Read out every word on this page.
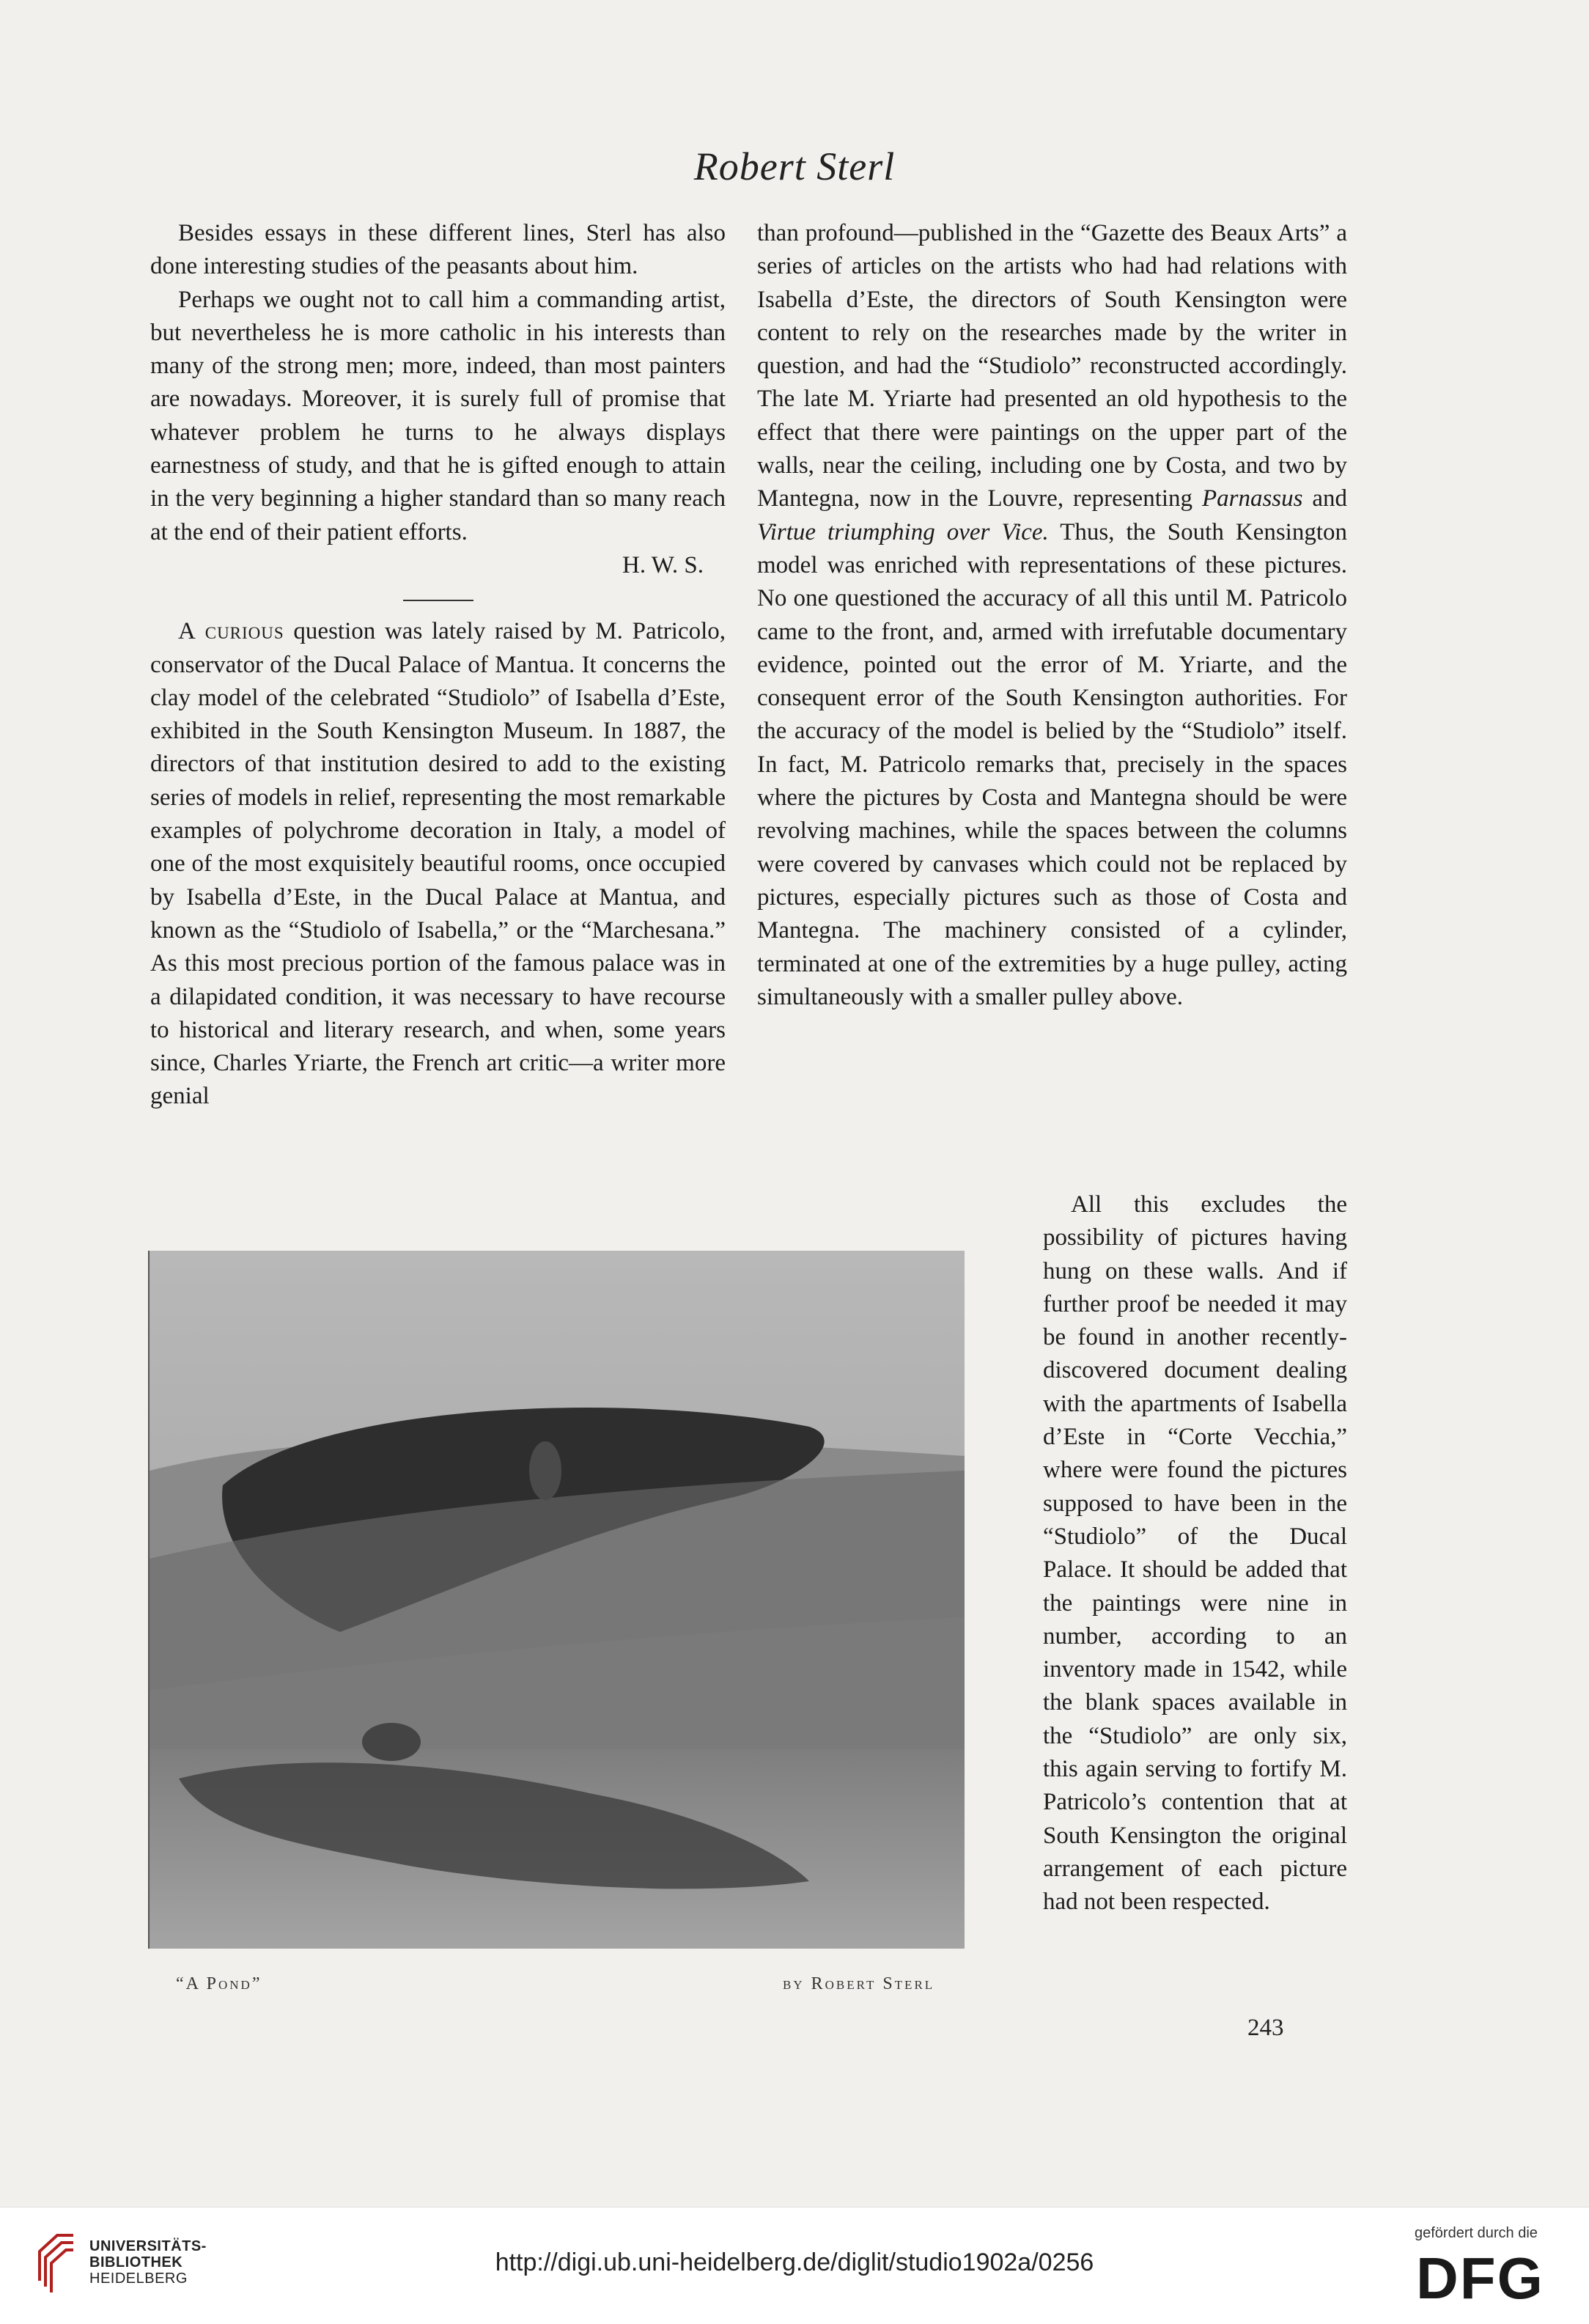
Robert Sterl

Besides essays in these different lines, Sterl has also done interesting studies of the peasants about him.

Perhaps we ought not to call him a commanding artist, but nevertheless he is more catholic in his interests than many of the strong men; more, indeed, than most painters are nowadays. Moreover, it is surely full of promise that whatever problem he turns to he always displays earnestness of study, and that he is gifted enough to attain in the very beginning a higher standard than so many reach at the end of their patient efforts.

H. W. S.

A curious question was lately raised by M. Patricolo, conservator of the Ducal Palace of Mantua. It concerns the clay model of the celebrated “Studiolo” of Isabella d’Este, exhibited in the South Kensington Museum. In 1887, the directors of that institution desired to add to the existing series of models in relief, representing the most remarkable examples of polychrome decoration in Italy, a model of one of the most exquisitely beautiful rooms, once occupied by Isabella d’Este, in the Ducal Palace at Mantua, and known as the “Studiolo of Isabella,” or the “Marchesana.” As this most precious portion of the famous palace was in a dilapidated condition, it was necessary to have recourse to historical and literary research, and when, some years since, Charles Yriarte, the French art critic—a writer more genial

than profound—published in the “Gazette des Beaux Arts” a series of articles on the artists who had had relations with Isabella d’Este, the directors of South Kensington were content to rely on the researches made by the writer in question, and had the “Studiolo” reconstructed accordingly. The late M. Yriarte had presented an old hypothesis to the effect that there were paintings on the upper part of the walls, near the ceiling, including one by Costa, and two by Mantegna, now in the Louvre, representing Parnassus and Virtue triumphing over Vice. Thus, the South Kensington model was enriched with representations of these pictures. No one questioned the accuracy of all this until M. Patricolo came to the front, and, armed with irrefutable documentary evidence, pointed out the error of M. Yriarte, and the consequent error of the South Kensington authorities. For the accuracy of the model is belied by the “Studiolo” itself. In fact, M. Patricolo remarks that, precisely in the spaces where the pictures by Costa and Mantegna should be were revolving machines, while the spaces between the columns were covered by canvases which could not be replaced by pictures, especially pictures such as those of Costa and Mantegna. The machinery consisted of a cylinder, terminated at one of the extremities by a huge pulley, acting simultaneously with a smaller pulley above.

All this excludes the possibility of pictures having hung on these walls. And if further proof be needed it may be found in another recently-discovered document dealing with the apartments of Isabella d’Este in “Corte Vecchia,” where were found the pictures supposed to have been in the “Studiolo” of the Ducal Palace. It should be added that the paintings were nine in number, according to an inventory made in 1542, while the blank spaces available in the “Studiolo” are only six, this again serving to fortify M. Patricolo’s contention that at South Kensington the original arrangement of each picture had not been respected.

“A Pond”	by Robert Sterl
243
UNIVERSITÄTS-
BIBLIOTHEK
HEIDELBERG
http://digi.ub.uni-heidelberg.de/diglit/studio1902a/0256
gefördert durch die
DFG
